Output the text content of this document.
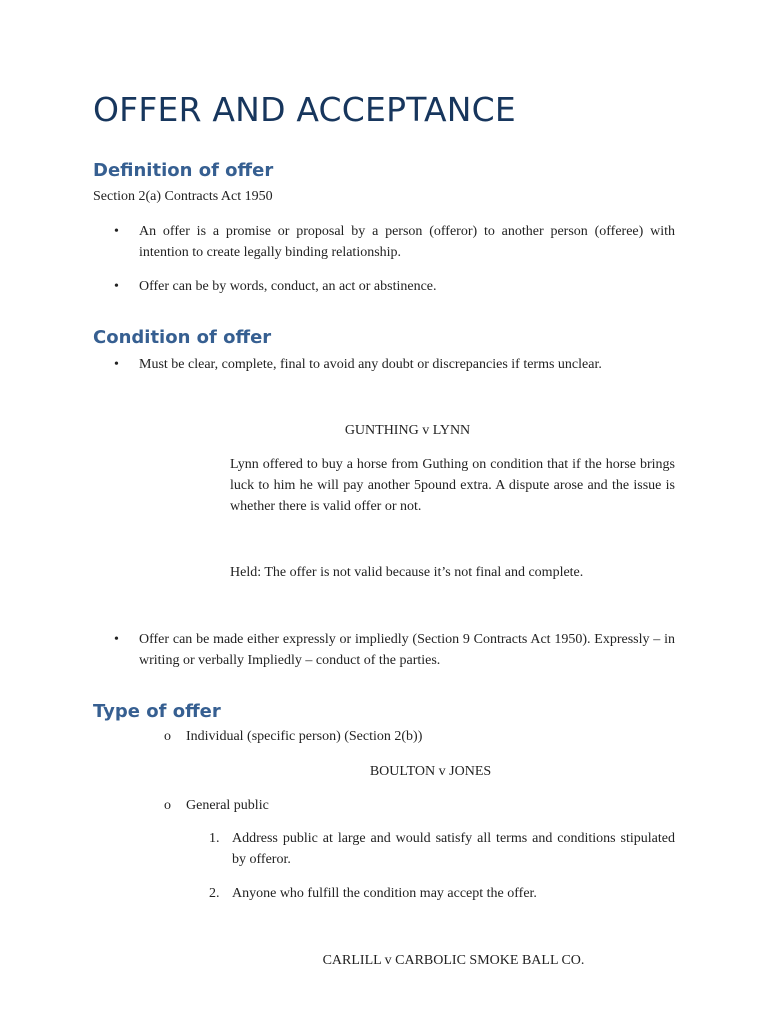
OFFER AND ACCEPTANCE
Definition of offer

Section 2(a) Contracts Act 1950

• An offer is a promise or proposal by a person (offeror) to another person (offeree) with intention to create legally binding relationship.

• Offer can be by words, conduct, an act or abstinence.

Condition of offer
• Must be clear, complete, final to avoid any doubt or discrepancies if terms unclear.

GUNTHING v LYNN

Lynn offered to buy a horse from Guthing on condition that if the horse brings luck to him he will pay another 5pound extra. A dispute arose and the issue is whether there is valid offer or not.

Held: The offer is not valid because it’s not final and complete.

• Offer can be made either expressly or impliedly (Section 9 Contracts Act 1950). Expressly – in writing or verbally Impliedly – conduct of the parties.

Type of offer
o Individual (specific person) (Section 2(b))

BOULTON v JONES

o General public

1. Address public at large and would satisfy all terms and conditions stipulated by offeror.

2. Anyone who fulfill the condition may accept the offer.

CARLILL v CARBOLIC SMOKE BALL CO.
